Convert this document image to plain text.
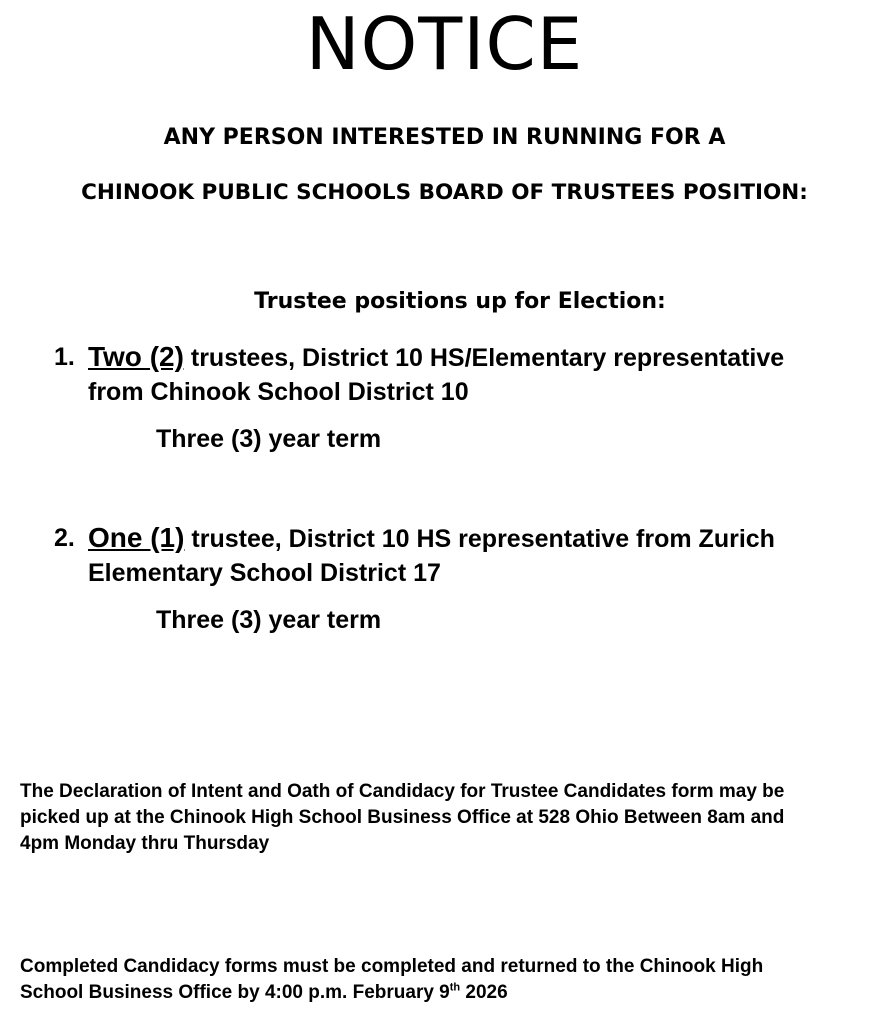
NOTICE
ANY PERSON INTERESTED IN RUNNING FOR A
CHINOOK PUBLIC SCHOOLS BOARD OF TRUSTEES POSITION:
Trustee positions up for Election:
1. Two (2) trustees, District 10 HS/Elementary representative
from Chinook School District 10
Three (3) year term
2. One (1) trustee, District 10 HS representative from Zurich
Elementary School District 17
Three (3) year term
The Declaration of Intent and Oath of Candidacy for Trustee Candidates form may be
picked up at the Chinook High School Business Office at 528 Ohio Between 8am and
4pm Monday thru Thursday
Completed Candidacy forms must be completed and returned to the Chinook High
School Business Office by 4:00 p.m. February 9th 2026
